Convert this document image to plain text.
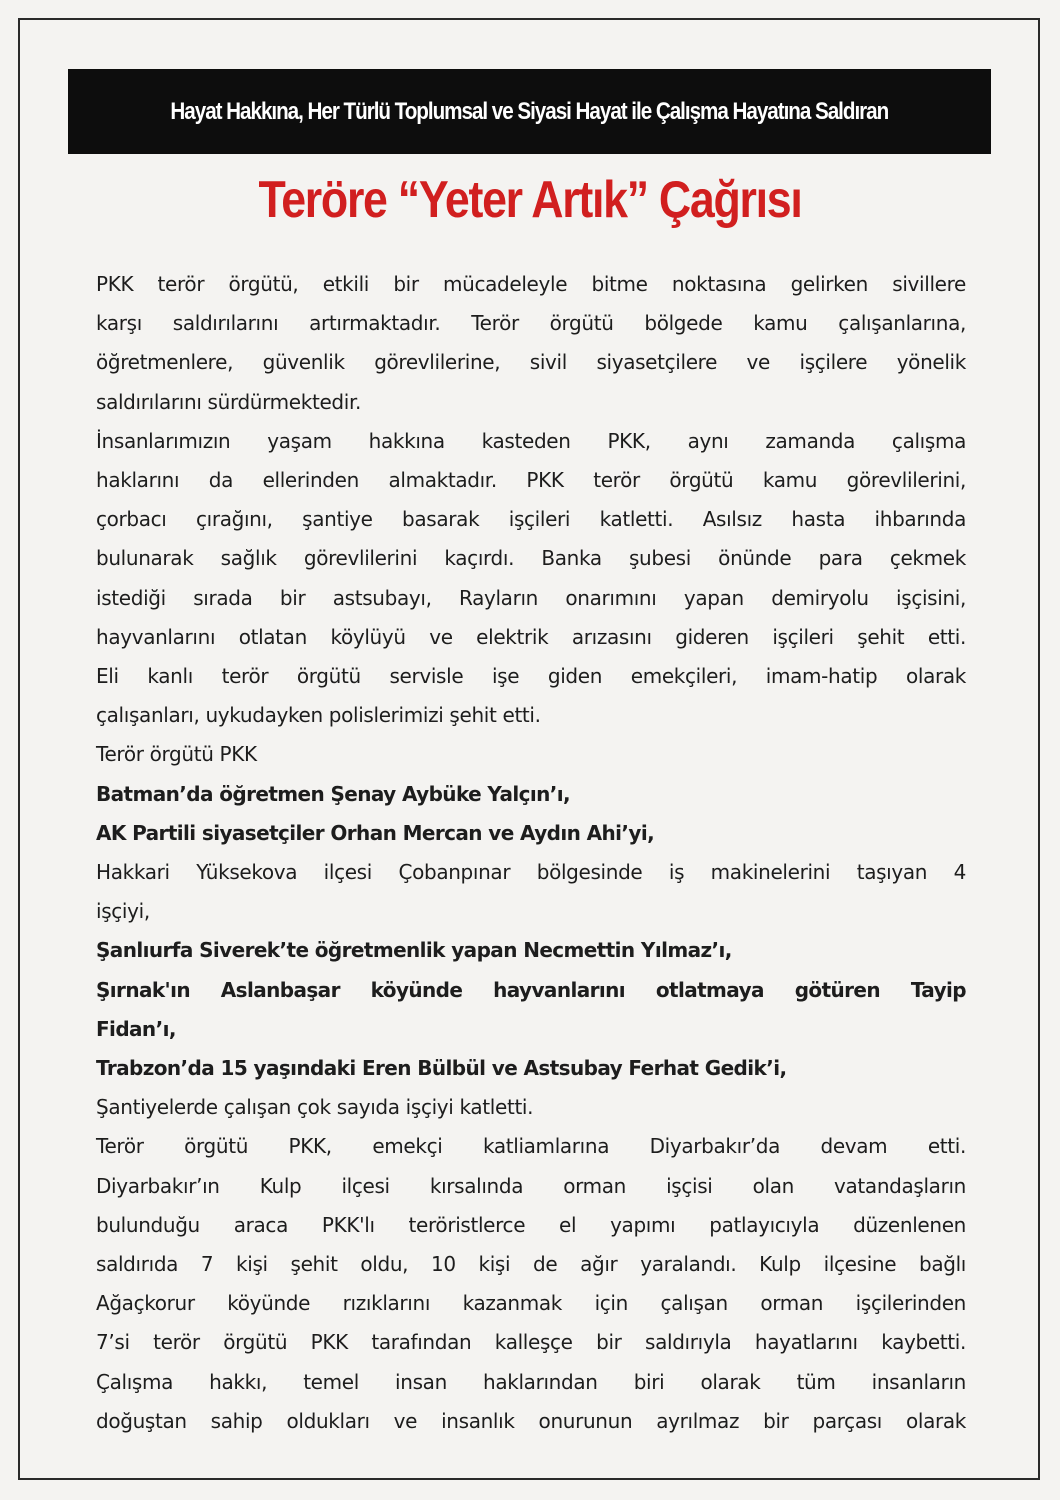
Hayat Hakkına, Her Türlü Toplumsal ve Siyasi Hayat ile Çalışma Hayatına Saldıran
Teröre “Yeter Artık” Çağrısı

PKK terör örgütü, etkili bir mücadeleyle bitme noktasına gelirken sivillere

karşı saldırılarını artırmaktadır. Terör örgütü bölgede kamu çalışanlarına,

öğretmenlere, güvenlik görevlilerine, sivil siyasetçilere ve işçilere yönelik

saldırılarını sürdürmektedir.

İnsanlarımızın yaşam hakkına kasteden PKK, aynı zamanda çalışma

haklarını da ellerinden almaktadır. PKK terör örgütü kamu görevlilerini,

çorbacı çırağını, şantiye basarak işçileri katletti. Asılsız hasta ihbarında

bulunarak sağlık görevlilerini kaçırdı. Banka şubesi önünde para çekmek

istediği sırada bir astsubayı, Rayların onarımını yapan demiryolu işçisini,

hayvanlarını otlatan köylüyü ve elektrik arızasını gideren işçileri şehit etti.

Eli kanlı terör örgütü servisle işe giden emekçileri, imam-hatip olarak

çalışanları, uykudayken polislerimizi şehit etti.

Terör örgütü PKK

Batman’da öğretmen Şenay Aybüke Yalçın’ı,

AK Partili siyasetçiler Orhan Mercan ve Aydın Ahi’yi,

Hakkari Yüksekova ilçesi Çobanpınar bölgesinde iş makinelerini taşıyan 4

işçiyi,

Şanlıurfa Siverek’te öğretmenlik yapan Necmettin Yılmaz’ı,

Şırnak'ın Aslanbaşar köyünde hayvanlarını otlatmaya götüren Tayip

Fidan’ı,

Trabzon’da 15 yaşındaki Eren Bülbül ve Astsubay Ferhat Gedik’i,

Şantiyelerde çalışan çok sayıda işçiyi katletti.

Terör örgütü PKK, emekçi katliamlarına Diyarbakır’da devam etti.

Diyarbakır’ın Kulp ilçesi kırsalında orman işçisi olan vatandaşların

bulunduğu araca PKK'lı teröristlerce el yapımı patlayıcıyla düzenlenen

saldırıda 7 kişi şehit oldu, 10 kişi de ağır yaralandı. Kulp ilçesine bağlı

Ağaçkorur köyünde rızıklarını kazanmak için çalışan orman işçilerinden

7’si terör örgütü PKK tarafından kalleşçe bir saldırıyla hayatlarını kaybetti.

Çalışma hakkı, temel insan haklarından biri olarak tüm insanların

doğuştan sahip oldukları ve insanlık onurunun ayrılmaz bir parçası olarak
